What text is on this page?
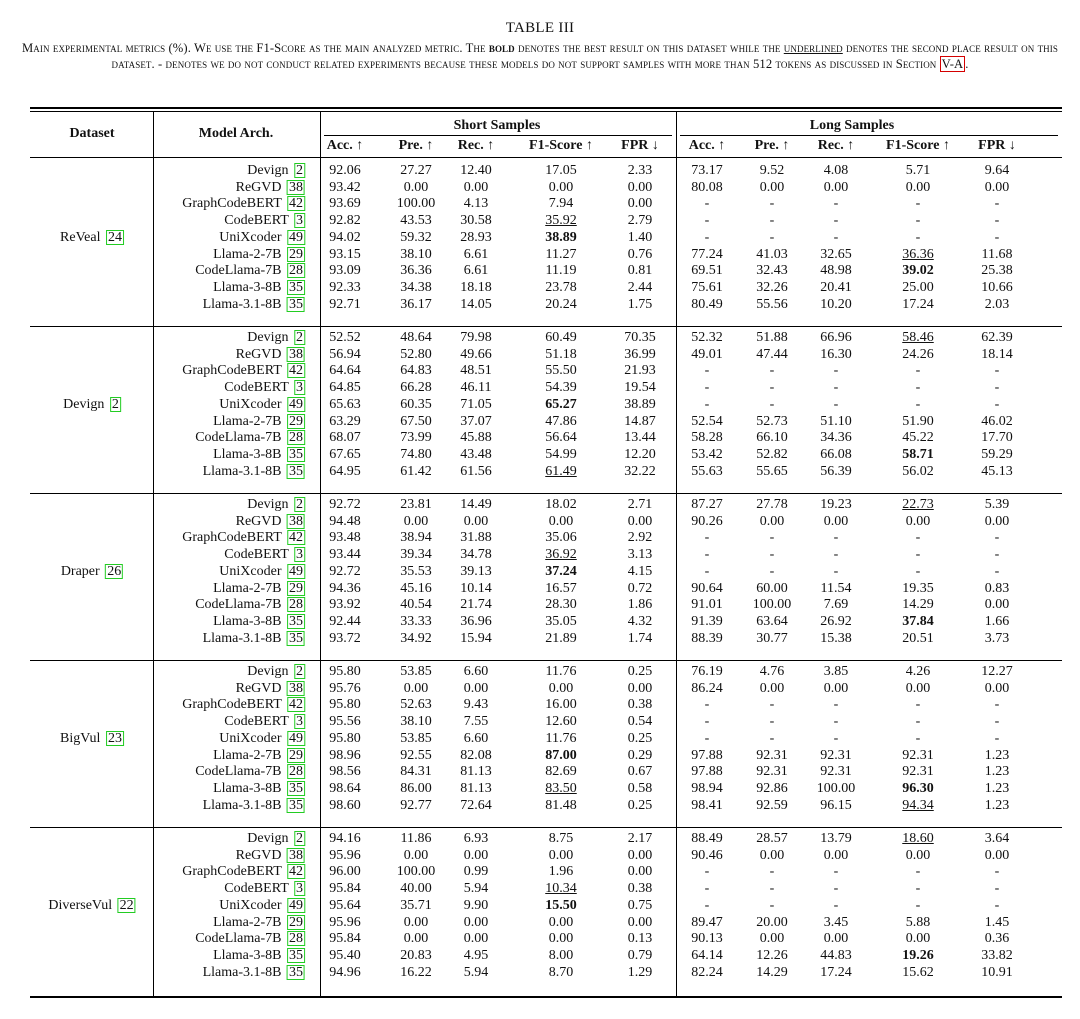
TABLE III
Main experimental metrics (%). We use the F1-Score as the main analyzed metric. The bold denotes the best result on this dataset while the underlined denotes the second place result on this dataset. - denotes we do not conduct related experiments because these models do not support samples with more than 512 tokens as discussed in Section V-A .
Dataset	Model Arch.
Short Samples	Long Samples
Acc. ↑	Acc. ↑
Pre. ↑	Pre. ↑
Rec. ↑	Rec. ↑
F1-Score ↑	F1-Score ↑
FPR ↓	FPR ↓
ReVeal 24
Devign 2 92.06	27.27 12.40	17.05	2.33	73.17	9.52	4.08	5.71	9.64
ReGVD 38 93.42	0.00	0.00	0.00	0.00	80.08	0.00	0.00	0.00	0.00
GraphCodeBERT 42 93.69	100.00 4.13	7.94	0.00	-	-	-	-	-
CodeBERT 3 92.82	43.53 30.58	35.92	2.79	-	-	-	-	-
UniXcoder 49 94.02	59.32 28.93	38.89	1.40	-	-	-	-	-
Llama-2-7B 29 93.15	38.10 6.61	11.27	0.76	77.24 41.03 32.65	36.36	11.68
CodeLlama-7B 28 93.09	36.36 6.61	11.19	0.81	69.51 32.43 48.98	39.02	25.38
Llama-3-8B 35 92.33	34.38 18.18	23.78	2.44	75.61 32.26 20.41	25.00	10.66
Llama-3.1-8B 35 92.71	36.17 14.05	20.24	1.75	80.49 55.56 10.20	17.24	2.03
Devign 2
Devign 2 52.52	48.64 79.98	60.49	70.35	52.32 51.88 66.96	58.46	62.39
ReGVD 38 56.94	52.80 49.66	51.18	36.99	49.01 47.44 16.30	24.26	18.14
GraphCodeBERT 42 64.64	64.83 48.51	55.50	21.93	-	-	-	-	-
CodeBERT 3 64.85	66.28 46.11	54.39	19.54	-	-	-	-	-
UniXcoder 49 65.63	60.35 71.05	65.27	38.89	-	-	-	-	-
Llama-2-7B 29 63.29	67.50 37.07	47.86	14.87	52.54 52.73 51.10	51.90	46.02
CodeLlama-7B 28 68.07	73.99 45.88	56.64	13.44	58.28 66.10 34.36	45.22	17.70
Llama-3-8B 35 67.65	74.80 43.48	54.99	12.20	53.42 52.82 66.08	58.71	59.29
Llama-3.1-8B 35 64.95	61.42 61.56	61.49	32.22	55.63 55.65 56.39	56.02	45.13
Draper 26
Devign 2 92.72	23.81 14.49	18.02	2.71	87.27 27.78 19.23	22.73	5.39
ReGVD 38 94.48	0.00	0.00	0.00	0.00	90.26	0.00	0.00	0.00	0.00
GraphCodeBERT 42 93.48	38.94 31.88	35.06	2.92	-	-	-	-	-
CodeBERT 3 93.44	39.34 34.78	36.92	3.13	-	-	-	-	-
UniXcoder 49 92.72	35.53 39.13	37.24	4.15	-	-	-	-	-
Llama-2-7B 29 94.36	45.16 10.14	16.57	0.72	90.64 60.00 11.54	19.35	0.83
CodeLlama-7B 28 93.92	40.54 21.74	28.30	1.86	91.01 100.00 7.69	14.29	0.00
Llama-3-8B 35 92.44	33.33 36.96	35.05	4.32	91.39 63.64 26.92	37.84	1.66
Llama-3.1-8B 35 93.72	34.92 15.94	21.89	1.74	88.39 30.77 15.38	20.51	3.73
BigVul 23
Devign 2 95.80	53.85 6.60	11.76	0.25	76.19	4.76	3.85	4.26	12.27
ReGVD 38 95.76	0.00	0.00	0.00	0.00	86.24	0.00	0.00	0.00	0.00
GraphCodeBERT 42 95.80	52.63 9.43	16.00	0.38	-	-	-	-	-
CodeBERT 3 95.56	38.10 7.55	12.60	0.54	-	-	-	-	-
UniXcoder 49 95.80	53.85 6.60	11.76	0.25	-	-	-	-	-
Llama-2-7B 29 98.96	92.55 82.08	87.00	0.29	97.88 92.31 92.31	92.31	1.23
CodeLlama-7B 28 98.56	84.31 81.13	82.69	0.67	97.88 92.31 92.31	92.31	1.23
Llama-3-8B 35 98.64	86.00 81.13	83.50	0.58	98.94 92.86 100.00	96.30	1.23
Llama-3.1-8B 35 98.60	92.77 72.64	81.48	0.25	98.41 92.59 96.15	94.34	1.23
DiverseVul 22
Devign 2 94.16	11.86 6.93	8.75	2.17	88.49 28.57 13.79	18.60	3.64
ReGVD 38 95.96	0.00	0.00	0.00	0.00	90.46	0.00	0.00	0.00	0.00
GraphCodeBERT 42 96.00	100.00 0.99	1.96	0.00	-	-	-	-	-
CodeBERT 3 95.84	40.00 5.94	10.34	0.38	-	-	-	-	-
UniXcoder 49 95.64	35.71 9.90	15.50	0.75	-	-	-	-	-
Llama-2-7B 29 95.96	0.00	0.00	0.00	0.00	89.47 20.00	3.45	5.88	1.45
CodeLlama-7B 28 95.84	0.00	0.00	0.00	0.13	90.13	0.00	0.00	0.00	0.36
Llama-3-8B 35 95.40	20.83 4.95	8.00	0.79	64.14 12.26 44.83	19.26	33.82
Llama-3.1-8B 35 94.96	16.22 5.94	8.70	1.29	82.24 14.29 17.24	15.62	10.91
